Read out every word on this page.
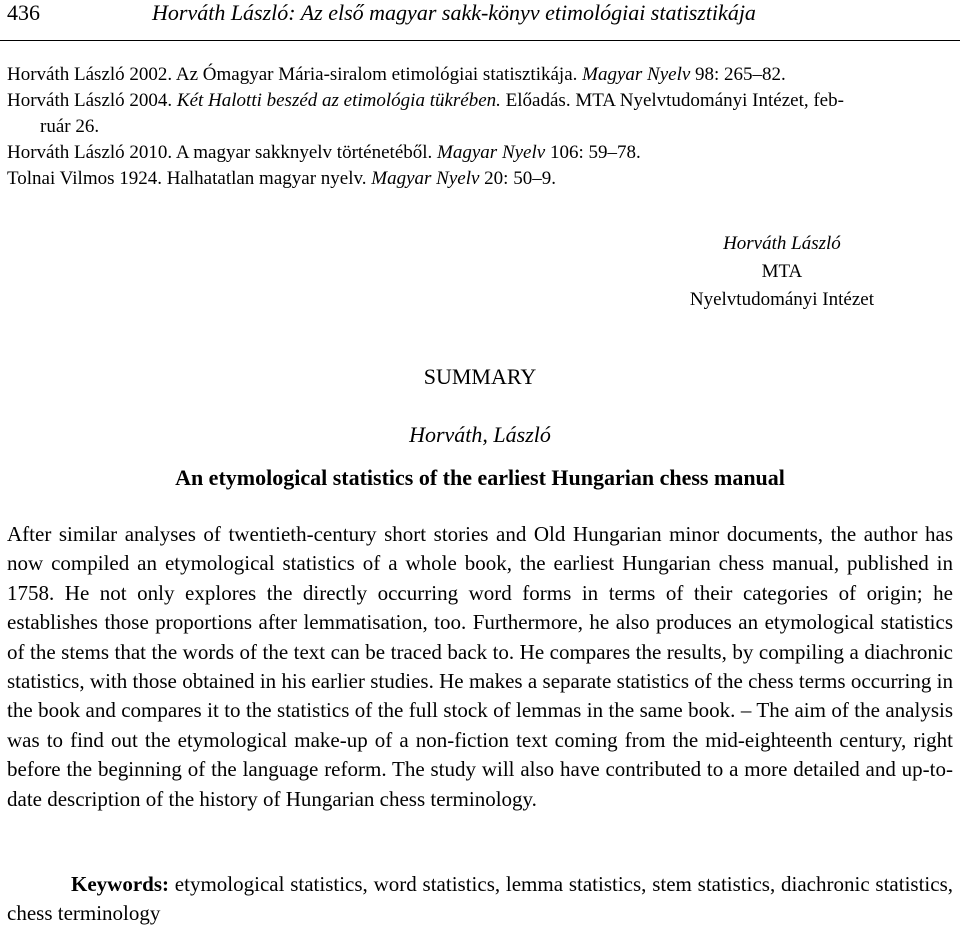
436	Horváth László: Az első magyar sakk-könyv etimológiai statisztikája
Horváth László 2002. Az Ómagyar Mária-siralom etimológiai statisztikája. Magyar Nyelv 98: 265–82.
Horváth László 2004. Két Halotti beszéd az etimológia tükrében. Előadás. MTA Nyelvtudományi Intézet, feb-
ruár 26.
Horváth László 2010. A magyar sakknyelv történetéből. Magyar Nyelv 106: 59–78.
Tolnai Vilmos 1924. Halhatatlan magyar nyelv. Magyar Nyelv 20: 50–9.
Horváth László
MTA
Nyelvtudományi Intézet
SUMMARY
Horváth, László
An etymological statistics of the earliest Hungarian chess manual
After similar analyses of twentieth-century short stories and Old Hungarian minor documents, the author has now compiled an etymological statistics of a whole book, the earliest Hungarian chess manual, published in 1758. He not only explores the directly occurring word forms in terms of their categories of origin; he establishes those proportions after lemmatisation, too. Furthermore, he also produces an etymological statistics of the stems that the words of the text can be traced back to. He compares the results, by compiling a diachronic statistics, with those obtained in his earlier studies. He makes a separate statistics of the chess terms occurring in the book and compares it to the statistics of the full stock of lemmas in the same book. – The aim of the analysis was to find out the etymological make-up of a non-fiction text coming from the mid-eighteenth century, right before the beginning of the language reform. The study will also have contributed to a more detailed and up-to-date description of the history of Hungarian chess terminology.
Keywords: etymological statistics, word statistics, lemma statistics, stem statistics, diachronic statistics, chess terminology
